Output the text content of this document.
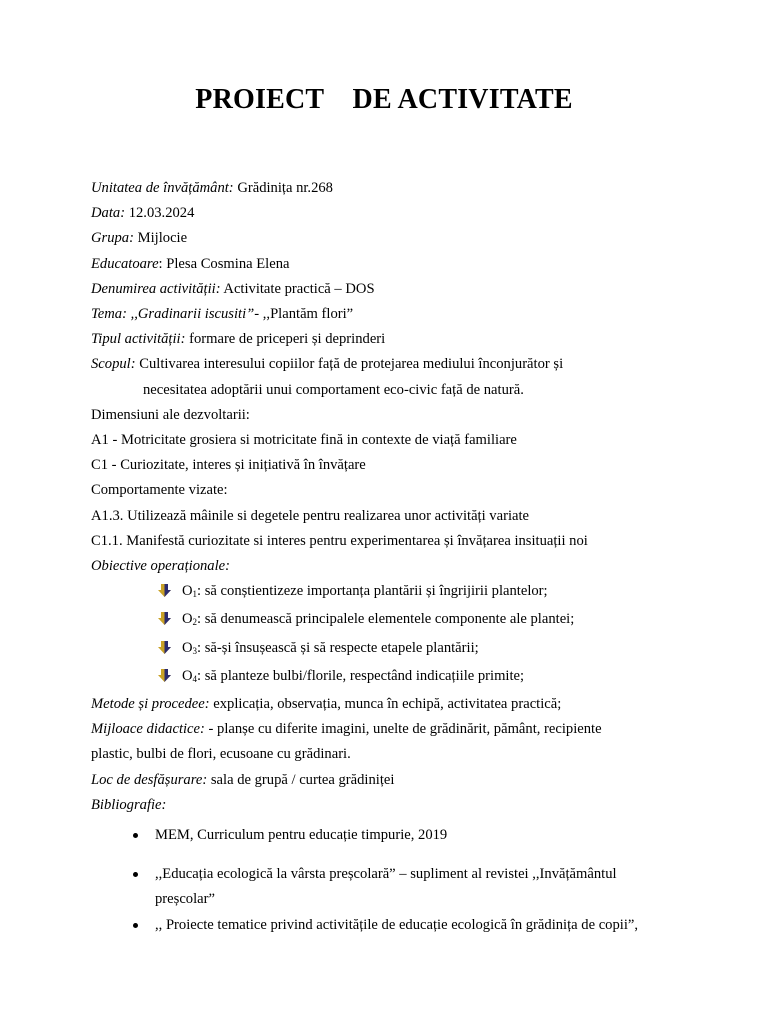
PROIECT    DE ACTIVITATE
Unitatea de învățământ: Grădinița nr.268
Data: 12.03.2024
Grupa: Mijlocie
Educatoare: Plesa Cosmina Elena
Denumirea activității: Activitate practică – DOS
Tema: ,,Gradinarii iscusiti”- ,,Plantăm flori”
Tipul activității: formare de priceperi și deprinderi
Scopul: Cultivarea interesului copiilor față de protejarea mediului înconjurător și
necesitatea adoptării unui comportament eco-civic față de natură.
Dimensiuni ale dezvoltarii:
A1 - Motricitate grosiera si motricitate fină in contexte de viață familiare
C1 - Curiozitate, interes și inițiativă în învățare
Comportamente vizate:
A1.3. Utilizează mâinile si degetele pentru realizarea unor activități variate
C1.1. Manifestă curiozitate si interes pentru experimentarea și învățarea insituații noi
Obiective operaționale:
$O_1$: să conștientizeze importanța plantării și îngrijirii plantelor;
$O_2$: să denumească principalele elementele componente ale plantei;
$O_3$: să-și însușească și să respecte etapele plantării;
$O_4$: să planteze bulbi/florile, respectând indicațiile primite;
Metode și procedee: explicația, observația, munca în echipă, activitatea practică;
Mijloace didactice: - planșe cu diferite imagini, unelte de grădinărit, pământ, recipiente
plastic, bulbi de flori, ecusoane cu grădinari.
Loc de desfășurare: sala de grupă / curtea grădiniței
Bibliografie:
MEM, Curriculum pentru educație timpurie, 2019
,,Educația ecologică la vârsta preșcolară” – supliment al revistei ,,Invățământul
preșcolar”
,, Proiecte tematice privind activitățile de educație ecologică în grădinița de copii”,
